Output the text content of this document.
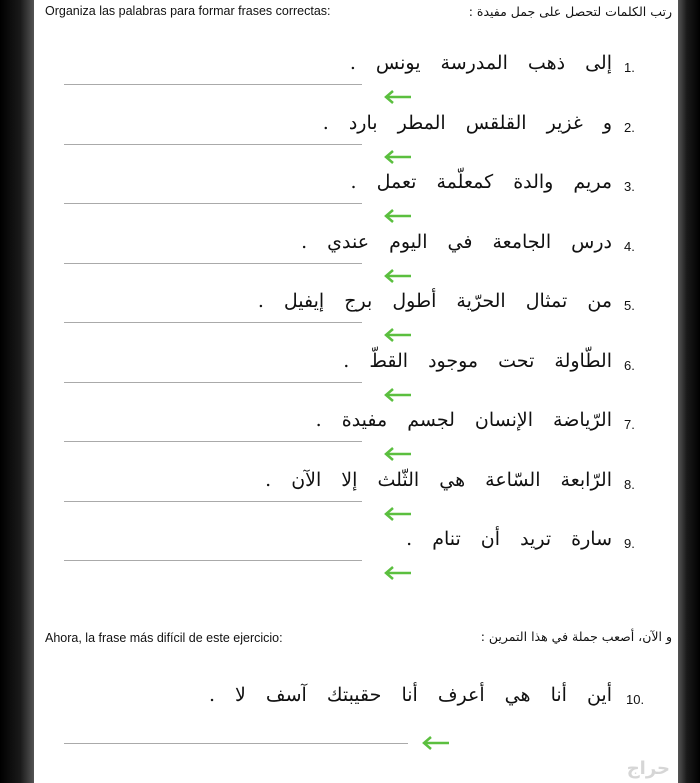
Organiza las palabras para formar frases correctas:	رتب الكلمات لتحصل على جمل مفيدة :
1.
إلى ذهب المدرسة يونس .
2.
و غزير القلقس المطر بارد .
3.
مريم والدة كمعلّمة تعمل .
4.
درس الجامعة في اليوم عندي .
5.
من تمثال الحرّية أطول برج إيفيل .
6.
الطّاولة تحت موجود القطّ .
7.
الرّياضة الإنسان لجسم مفيدة .
8.
الرّابعة السّاعة هي الثّلث إلا الآن .
9.
سارة تريد أن تنام .
Ahora, la frase más difícil de este ejercicio:	و الآن، أصعب جملة في هذا التمرين :
10.
أين أنا هي أعرف أنا حقيبتك آسف لا .
حراج
